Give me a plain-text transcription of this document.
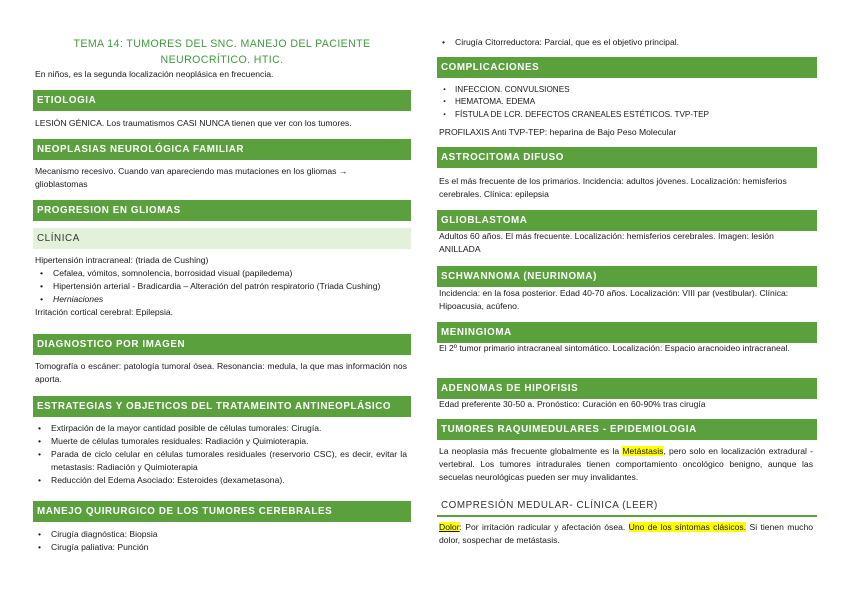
TEMA 14: TUMORES DEL SNC. MANEJO DEL PACIENTE
NEUROCRÍTICO. HTIC.
En niños, es la segunda localización neoplásica en frecuencia.
ETIOLOGIA
LESIÓN GÉNICA. Los traumatismos CASI NUNCA tienen que ver con los tumores.
NEOPLASIAS NEUROLÓGICA FAMILIAR
Mecanismo recesivo. Cuando van apareciendo mas mutaciones en los gliomas → glioblastomas
PROGRESION EN GLIOMAS
CLÍNICA
Hipertensión intracraneal: (triada de Cushing)
• Cefalea, vómitos, somnolencia, borrosidad visual (papiledema)
• Hipertensión arterial - Bradicardia – Alteración del patrón respiratorio (Triada Cushing)
• Herniaciones
Irritación cortical cerebral: Epilepsia.
DIAGNOSTICO POR IMAGEN
Tomografía o escáner: patología tumoral ósea. Resonancia: medula, la que mas información nos aporta.
ESTRATEGIAS Y OBJETICOS DEL TRATAMEINTO ANTINEOPLÁSICO
• Extirpación de la mayor cantidad posible de células tumorales: Cirugía.
• Muerte de células tumorales residuales: Radiación y Quimioterapia.
• Parada de ciclo celular en células tumorales residuales (reservorio CSC), es decir, evitar la metastasis: Radiación y Quimioterapia
• Reducción del Edema Asociado: Esteroides (dexametasona).
MANEJO QUIRURGICO DE LOS TUMORES CEREBRALES
• Cirugía diagnóstica: Biopsia
• Cirugía paliativa: Punción
• Cirugía Citorreductora: Parcial, que es el objetivo principal.
COMPLICACIONES
· INFECCION. CONVULSIONES
· HEMATOMA. EDEMA
· FÍSTULA DE LCR. DEFECTOS CRANEALES ESTÉTICOS. TVP-TEP
PROFILAXIS Anti TVP-TEP: heparina de Bajo Peso Molecular
ASTROCITOMA DIFUSO
Es el más frecuente de los primarios. Incidencia: adultos jóvenes. Localización: hemisferios cerebrales. Clínica: epilepsia
GLIOBLASTOMA
Adultos 60 años. El más frecuente. Localización: hemisferios cerebrales. Imagen: lesión ANILLADA
SCHWANNOMA (NEURINOMA)
Incidencia: en la fosa posterior. Edad 40-70 años. Localización: VIII par (vestibular). Clínica: Hipoacusia, acúfeno.
MENINGIOMA
El 2º tumor primario intracraneal sintomático. Localización: Espacio aracnoideo intracraneal.
ADENOMAS DE HIPOFISIS
Edad preferente 30-50 a. Pronóstico: Curación en 60-90% tras cirugía
TUMORES RAQUIMEDULARES - EPIDEMIOLOGIA
La neoplasia más frecuente globalmente es la Metástasis, pero solo en localización extradural - vertebral. Los tumores intradurales tienen comportamiento oncológico benigno, aunque las secuelas neurológicas pueden ser muy invalidantes.
COMPRESIÓN MEDULAR- CLÍNICA (LEER)
Dolor: Por irritación radicular y afectación ósea. Uno de los síntomas clásicos. Si tienen mucho dolor, sospechar de metástasis.
